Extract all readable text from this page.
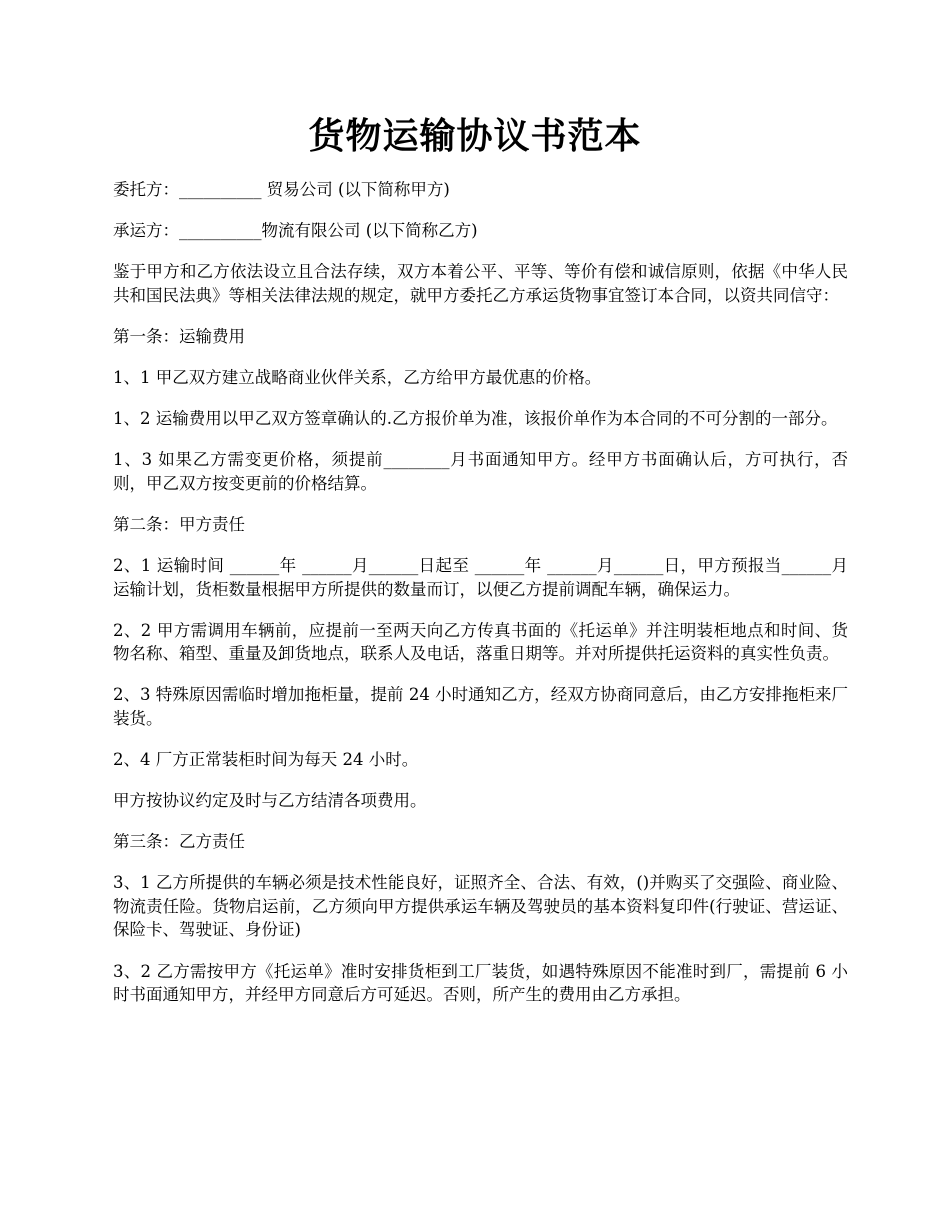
货物运输协议书范本

委托方：__________ 贸易公司 (以下简称甲方)

承运方：__________物流有限公司 (以下简称乙方)

鉴于甲方和乙方依法设立且合法存续，双方本着公平、平等、等价有偿和诚信原则，依据《中华人民共和国民法典》等相关法律法规的规定，就甲方委托乙方承运货物事宜签订本合同，以资共同信守：

第一条：运输费用

1、1 甲乙双方建立战略商业伙伴关系，乙方给甲方最优惠的价格。

1、2 运输费用以甲乙双方签章确认的.乙方报价单为准，该报价单作为本合同的不可分割的一部分。

1、3 如果乙方需变更价格，须提前________月书面通知甲方。经甲方书面确认后，方可执行，否则，甲乙双方按变更前的价格结算。

第二条：甲方责任

2、1 运输时间 ______年 ______月______日起至 ______年 ______月______日，甲方预报当______月运输计划，货柜数量根据甲方所提供的数量而订，以便乙方提前调配车辆，确保运力。

2、2 甲方需调用车辆前，应提前一至两天向乙方传真书面的《托运单》并注明装柜地点和时间、货物名称、箱型、重量及卸货地点，联系人及电话，落重日期等。并对所提供托运资料的真实性负责。

2、3 特殊原因需临时增加拖柜量，提前 24 小时通知乙方，经双方协商同意后，由乙方安排拖柜来厂装货。

2、4 厂方正常装柜时间为每天 24 小时。

甲方按协议约定及时与乙方结清各项费用。

第三条：乙方责任

3、1 乙方所提供的车辆必须是技术性能良好，证照齐全、合法、有效，()并购买了交强险、商业险、物流责任险。货物启运前，乙方须向甲方提供承运车辆及驾驶员的基本资料复印件(行驶证、营运证、保险卡、驾驶证、身份证)

3、2 乙方需按甲方《托运单》准时安排货柜到工厂装货，如遇特殊原因不能准时到厂，需提前 6 小时书面通知甲方，并经甲方同意后方可延迟。否则，所产生的费用由乙方承担。
